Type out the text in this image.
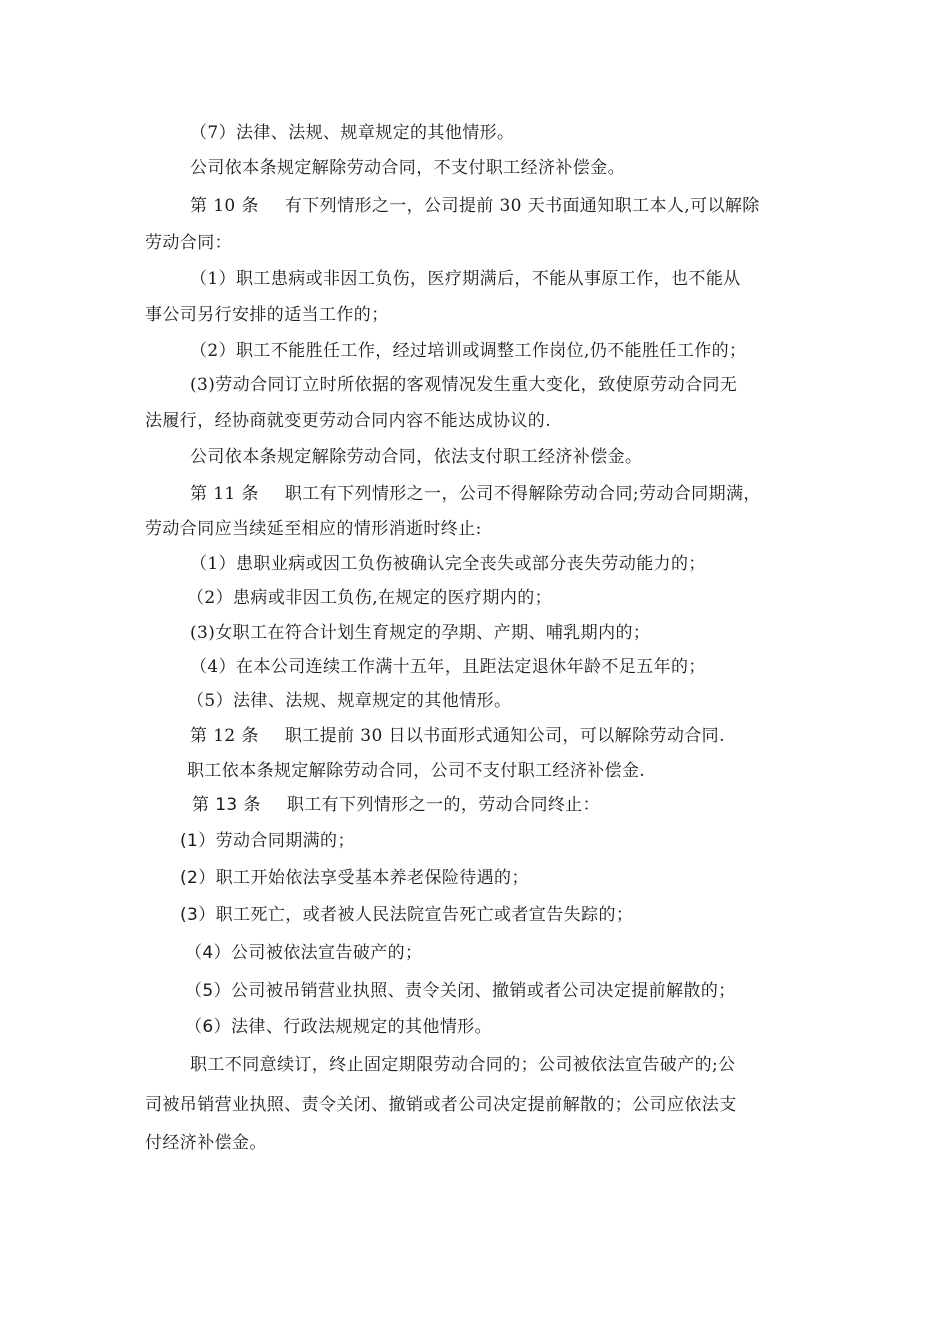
（7）法律、法规、规章规定的其他情形。
公司依本条规定解除劳动合同，不支付职工经济补偿金。
第 10 条 有下列情形之一，公司提前 30 天书面通知职工本人,可以解除
劳动合同：
（1）职工患病或非因工负伤，医疗期满后，不能从事原工作，也不能从
事公司另行安排的适当工作的；
（2）职工不能胜任工作，经过培训或调整工作岗位,仍不能胜任工作的；
(3)劳动合同订立时所依据的客观情况发生重大变化，致使原劳动合同无
法履行，经协商就变更劳动合同内容不能达成协议的.
公司依本条规定解除劳动合同，依法支付职工经济补偿金。
第 11 条 职工有下列情形之一，公司不得解除劳动合同;劳动合同期满，
劳动合同应当续延至相应的情形消逝时终止:
（1）患职业病或因工负伤被确认完全丧失或部分丧失劳动能力的；
（2）患病或非因工负伤,在规定的医疗期内的；
(3)女职工在符合计划生育规定的孕期、产期、哺乳期内的；
（4）在本公司连续工作满十五年，且距法定退休年龄不足五年的；
（5）法律、法规、规章规定的其他情形。
第 12 条 职工提前 30 日以书面形式通知公司，可以解除劳动合同.
职工依本条规定解除劳动合同，公司不支付职工经济补偿金.
第 13 条 职工有下列情形之一的，劳动合同终止：
(1）劳动合同期满的；
(2）职工开始依法享受基本养老保险待遇的；
(3）职工死亡，或者被人民法院宣告死亡或者宣告失踪的；
（4）公司被依法宣告破产的；
（5）公司被吊销营业执照、责令关闭、撤销或者公司决定提前解散的；
（6）法律、行政法规规定的其他情形。
职工不同意续订，终止固定期限劳动合同的；公司被依法宣告破产的;公
司被吊销营业执照、责令关闭、撤销或者公司决定提前解散的；公司应依法支
付经济补偿金。
